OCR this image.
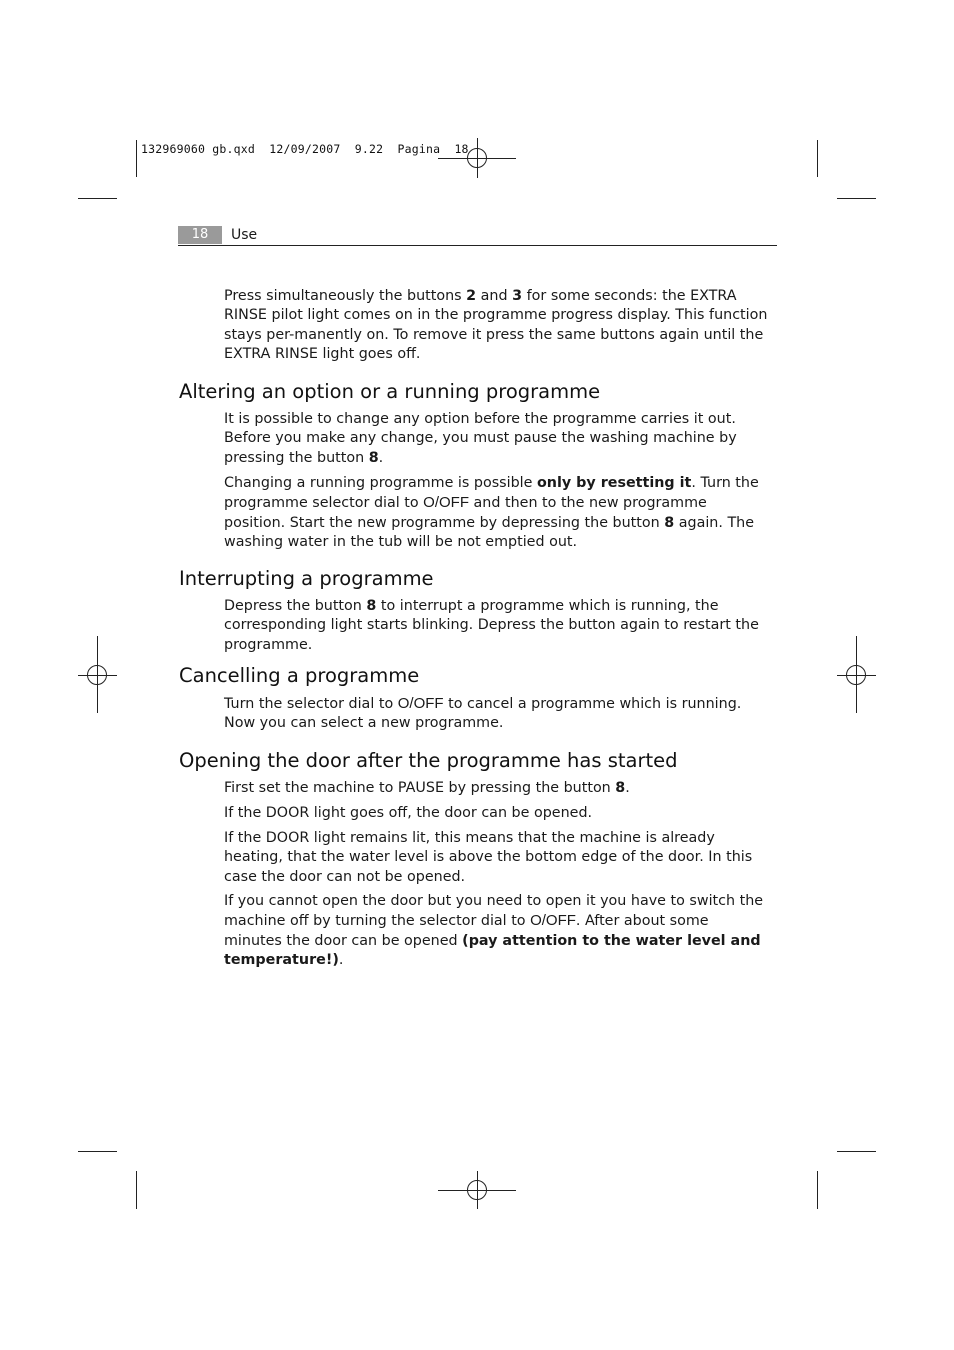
132969060 gb.qxd  12/09/2007  9.22  Pagina  18
18	Use

Press simultaneously the buttons 2 and 3 for some seconds: the EXTRA RINSE pilot light comes on in the programme progress display. This function stays per-manently on. To remove it press the same buttons again until the EXTRA RINSE light goes off.

Altering an option or a running programme

It is possible to change any option before the programme carries it out. Before you make any change, you must pause the washing machine by pressing the button 8.

Changing a running programme is possible only by resetting it. Turn the programme selector dial to O/OFF and then to the new programme position. Start the new programme by depressing the button 8 again. The washing water in the tub will be not emptied out.

Interrupting a programme

Depress the button 8 to interrupt a programme which is running, the corresponding light starts blinking. Depress the button again to restart the programme.

Cancelling a programme

Turn the selector dial to O/OFF to cancel a programme which is running. Now you can select a new programme.

Opening the door after the programme has started

First set the machine to PAUSE by pressing the button 8.

If the DOOR light goes off, the door can be opened.

If the DOOR light remains lit, this means that the machine is already heating, that the water level is above the bottom edge of the door. In this case the door can not be opened.

If you cannot open the door but you need to open it you have to switch the machine off by turning the selector dial to O/OFF. After about some minutes the door can be opened (pay attention to the water level and temperature!).
